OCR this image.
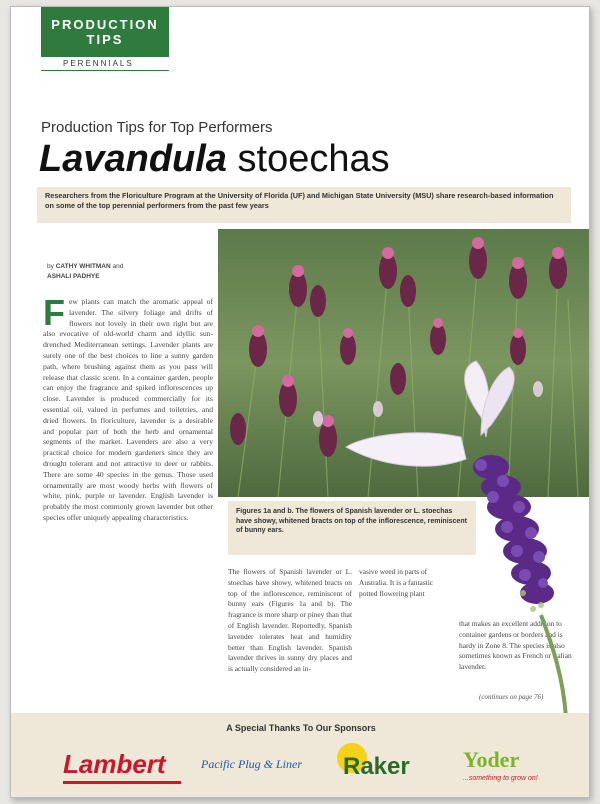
PRODUCTION
TIPS
PERENNIALS
Production Tips for Top Performers
Lavandula stoechas
Researchers from the Floriculture Program at the University of Florida (UF) and Michigan State University (MSU) share research-based information on some of the top perennial performers from the past few years
by CATHY WHITMAN and
ASHALI PADHYE
Few plants can match the aromatic appeal of lavender. The silvery foliage and drifts of flowers not lovely in their own right but are also evocative of old-world charm and idyllic sun-drenched Mediterranean settings. Lavender plants are surely one of the best choices to line a sunny garden path, where brushing against them as you pass will release that classic scent. In a container garden, people can enjoy the fragrance and spiked inflorescences up close. Lavender is produced commercially for its essential oil, valued in perfumes and toiletries, and dried flowers. In floriculture, lavender is a desirable and popular part of both the herb and ornamental segments of the market. Lavenders are also a very practical choice for modern gardeners since they are drought tolerant and not attractive to deer or rabbits. There are some 40 species in the genus. Those used ornamentally are most woody herbs with flowers of white, pink, purple or lavender. English lavender is probably the most commonly grown lavender but other species offer uniquely appealing characteristics.
Figures 1a and b. The flowers of Spanish lavender or L. stoechas have showy, whitened bracts on top of the inflorescence, reminiscent of bunny ears.
The flowers of Spanish lavender or L. stoechas have showy, whitened bracts on top of the inflorescence, reminiscent of bunny ears (Figures 1a and b). The fragrance is more sharp or piney than that of English lavender. Reportedly, Spanish lavender tolerates heat and humidity better than English lavender. Spanish lavender thrives in sunny dry places and is actually considered an in-
vasive weed in parts of Australia. It is a fantastic potted flowering plant
that makes an excellent addition to container gardens or borders and is hardy in Zone 8. The species is also sometimes known as French or Italian lavender.
(continues on page 76)
A Special Thanks To Our Sponsors
Lambert	Pacific Plug & Liner Raker Yoder
...something to grow on!
